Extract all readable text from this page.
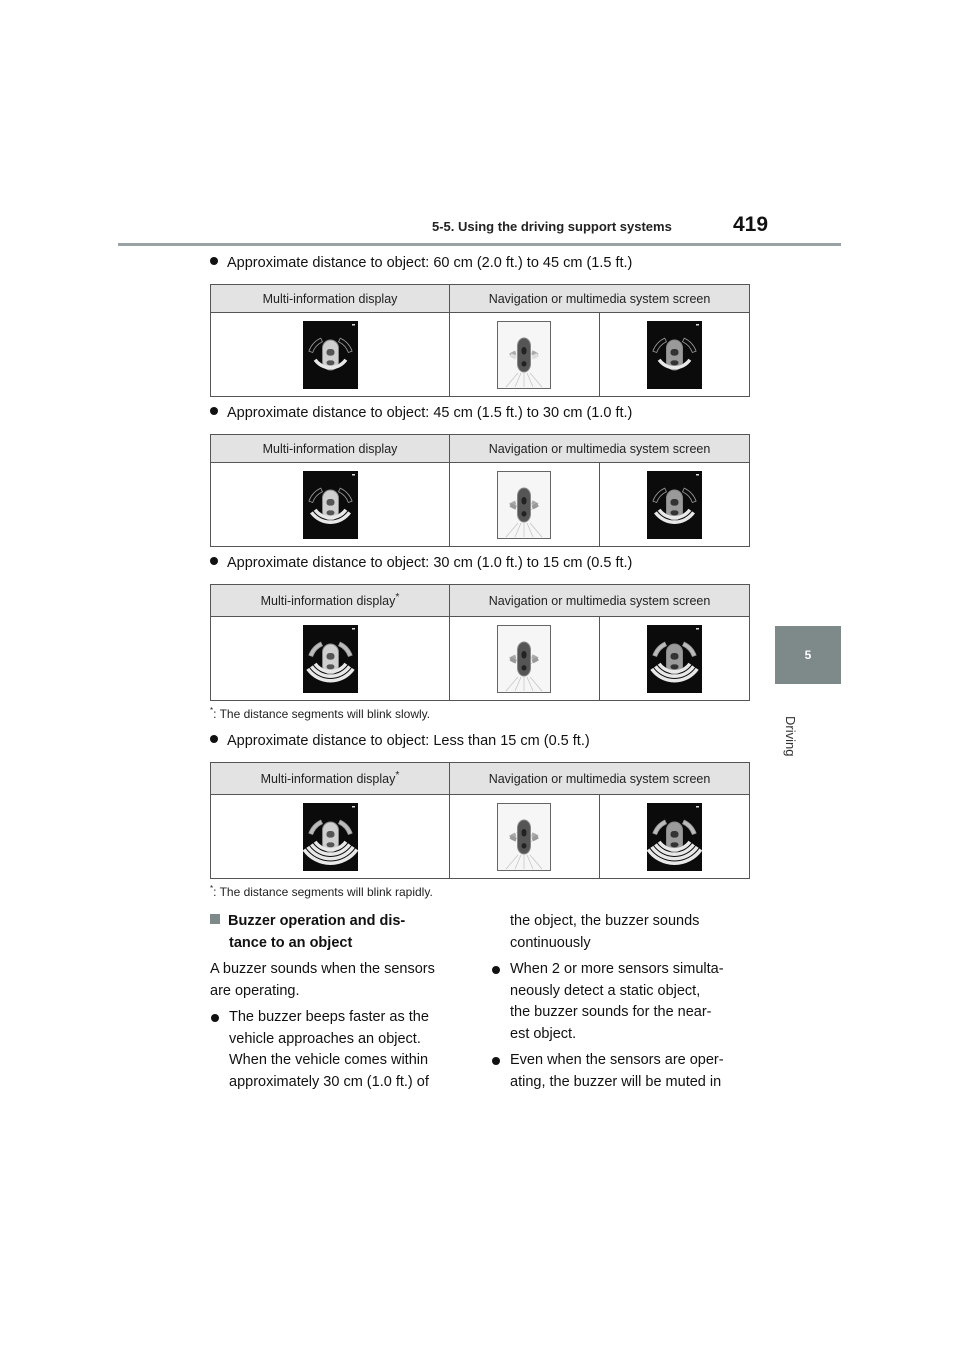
5-5. Using the driving support systems	419
5
Driving
Approximate distance to object: 60 cm (2.0 ft.) to 45 cm (1.5 ft.)
Multi-information display	Navigation or multimedia system screen	

Approximate distance to object: 45 cm (1.5 ft.) to 30 cm (1.0 ft.)
Multi-information display	Navigation or multimedia system screen	

Approximate distance to object: 30 cm (1.0 ft.) to 15 cm (0.5 ft.)
Multi-information display*	Navigation or multimedia system screen	

*: The distance segments will blink slowly.
Approximate distance to object: Less than 15 cm (0.5 ft.)
Multi-information display*	Navigation or multimedia system screen	

*: The distance segments will blink rapidly.

Buzzer operation and dis-

tance to an object

A buzzer sounds when the sensors

are operating.

The buzzer beeps faster as the

vehicle approaches an object.

When the vehicle comes within

approximately 30 cm (1.0 ft.) of

the object, the buzzer sounds

continuously

When 2 or more sensors simulta-

neously detect a static object,

the buzzer sounds for the near-

est object.

Even when the sensors are oper-

ating, the buzzer will be muted in
